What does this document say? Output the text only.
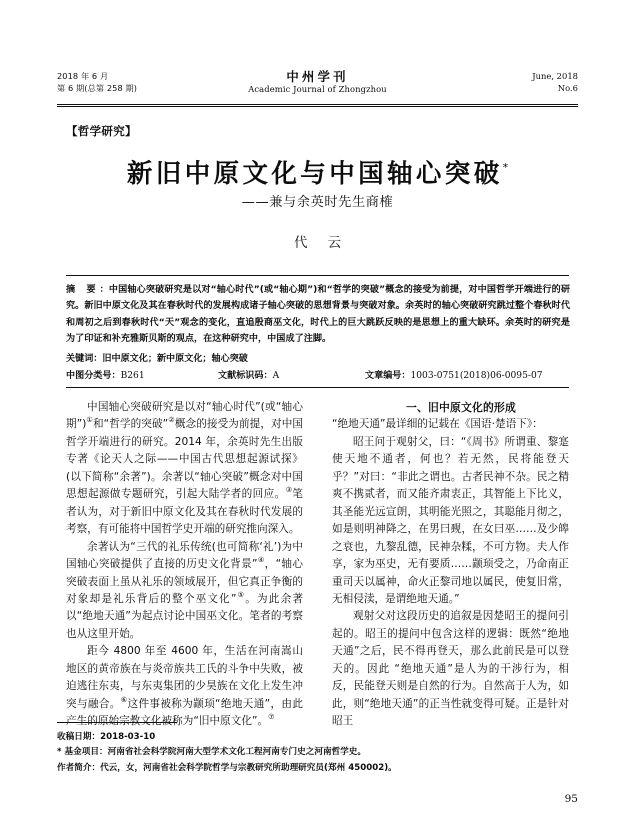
2018 年 6 月
第 6 期(总第 258 期)
中州学刊
Academic Journal of Zhongzhou
June, 2018
No.6
【哲学研究】
新旧中原文化与中国轴心突破*
——兼与余英时先生商榷
代 云
摘 要：中国轴心突破研究是以对“轴心时代”(或“轴心期”)和“哲学的突破”概念的接受为前提，对中国哲学开端进行的研究。新旧中原文化及其在春秋时代的发展构成诸子轴心突破的思想背景与突破对象。余英时的轴心突破研究跳过整个春秋时代和周初之后到春秋时代“天”观念的变化，直追殷商巫文化，时代上的巨大跳跃反映的是思想上的重大缺环。余英时的研究是为了印证和补充雅斯贝斯的观点，在这种研究中，中国成了注脚。
关键词：旧中原文化；新中原文化；轴心突破
中图分类号：B261	文献标识码：A	文章编号：1003-0751(2018)06-0095-07

中国轴心突破研究是以对“轴心时代”(或“轴心期”)①和“哲学的突破”②概念的接受为前提，对中国哲学开端进行的研究。2014 年，余英时先生出版专著《论天人之际——中国古代思想起源试探》(以下简称“余著”)。余著以“轴心突破”概念对中国思想起源做专题研究，引起大陆学者的回应。③笔者认为，对于新旧中原文化及其在春秋时代发展的考察，有可能将中国哲学史开端的研究推向深入。

余著认为“三代的礼乐传统(也可简称‘礼’)为中国轴心突破提供了直接的历史文化背景”④，“轴心突破表面上虽从礼乐的领域展开，但它真正争衡的对象却是礼乐背后的整个巫文化”⑤。为此余著以“绝地天通”为起点讨论中国巫文化。笔者的考察也从这里开始。

距今 4800 年至 4600 年，生活在河南嵩山地区的黄帝族在与炎帝族共工氏的斗争中失败，被迫逃往东夷，与东夷集团的少昊族在文化上发生冲突与融合。⑥这件事被称为颛顼“绝地天通”，由此产生的原始宗教文化被称为“旧中原文化”。⑦

一、旧中原文化的形成

“绝地天通”最详细的记载在《国语·楚语下》：

昭王问于观射父，曰：“《周书》所谓重、黎寔使天地不通者，何也？若无然，民将能登天乎？”对曰：“非此之谓也。古者民神不杂。民之精爽不携贰者，而又能齐肃衷正，其智能上下比义，其圣能光远宣朗，其明能光照之，其聪能月彻之，如是则明神降之，在男曰觋，在女曰巫……及少皞之衰也，九黎乱德，民神杂糅，不可方物。夫人作享，家为巫史，无有要质……颛顼受之，乃命南正重司天以属神，命火正黎司地以属民，使复旧常，无相侵渎，是谓绝地天通。”

观射父对这段历史的追叙是因楚昭王的提问引起的。昭王的提问中包含这样的逻辑：既然“绝地天通”之后，民不得再登天，那么此前民是可以登天的。因此 “绝地天通”是人为的干涉行为，相反，民能登天则是自然的行为。自然高于人为，如此，则“绝地天通”的正当性就变得可疑。正是针对昭王

收稿日期：2018-03-10
* 基金项目：河南省社会科学院河南大型学术文化工程河南专门史之河南哲学史。
作者简介：代云，女，河南省社会科学院哲学与宗教研究所助理研究员(郑州 450002)。
95
